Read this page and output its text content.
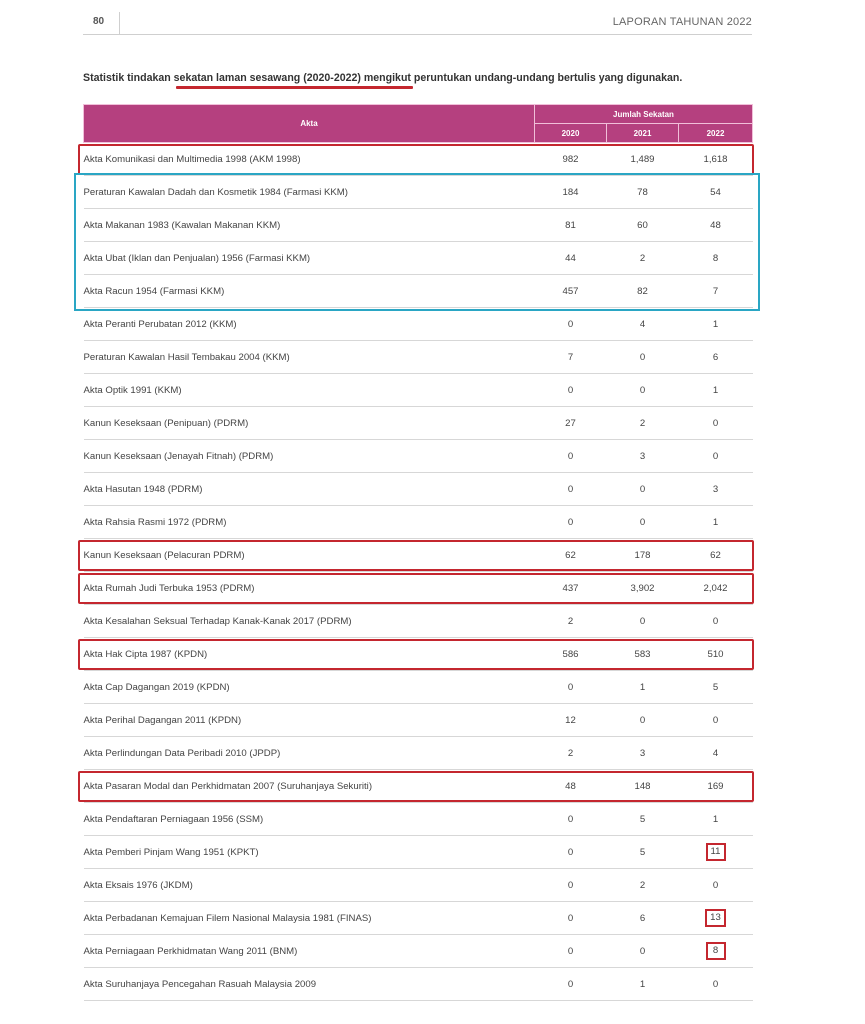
80	LAPORAN TAHUNAN 2022
Statistik tindakan sekatan laman sesawang (2020-2022) mengikut peruntukan undang-undang bertulis yang digunakan.
Akta	Jumlah Sekatan		
	2020	2021	2022
Akta Komunikasi dan Multimedia 1998 (AKM 1998)	982	1,489	1,618
Peraturan Kawalan Dadah dan Kosmetik 1984 (Farmasi KKM)	184	78	54
Akta Makanan 1983 (Kawalan Makanan KKM)	81	60	48
Akta Ubat (Iklan dan Penjualan) 1956 (Farmasi KKM)	44	2	8
Akta Racun 1954 (Farmasi KKM)	457	82	7
Akta Peranti Perubatan 2012 (KKM)	0	4	1
Peraturan Kawalan Hasil Tembakau 2004 (KKM)	7	0	6
Akta Optik 1991 (KKM)	0	0	1
Kanun Keseksaan (Penipuan) (PDRM)	27	2	0
Kanun Keseksaan (Jenayah Fitnah) (PDRM)	0	3	0
Akta Hasutan 1948 (PDRM)	0	0	3
Akta Rahsia Rasmi 1972 (PDRM)	0	0	1
Kanun Keseksaan (Pelacuran PDRM)	62	178	62
Akta Rumah Judi Terbuka 1953 (PDRM)	437	3,902	2,042
Akta Kesalahan Seksual Terhadap Kanak-Kanak 2017 (PDRM)	2	0	0
Akta Hak Cipta 1987 (KPDN)	586	583	510
Akta Cap Dagangan 2019 (KPDN)	0	1	5
Akta Perihal Dagangan 2011 (KPDN)	12	0	0
Akta Perlindungan Data Peribadi 2010 (JPDP)	2	3	4
Akta Pasaran Modal dan Perkhidmatan 2007 (Suruhanjaya Sekuriti)	48	148	169
Akta Pendaftaran Perniagaan 1956 (SSM)	0	5	1
Akta Pemberi Pinjam Wang 1951 (KPKT)	0	5	11
Akta Eksais 1976 (JKDM)	0	2	0
Akta Perbadanan Kemajuan Filem Nasional Malaysia 1981 (FINAS)	0	6	13
Akta Perniagaan Perkhidmatan Wang 2011 (BNM)	0	0	8
Akta Suruhanjaya Pencegahan Rasuah Malaysia 2009	0	1	0
